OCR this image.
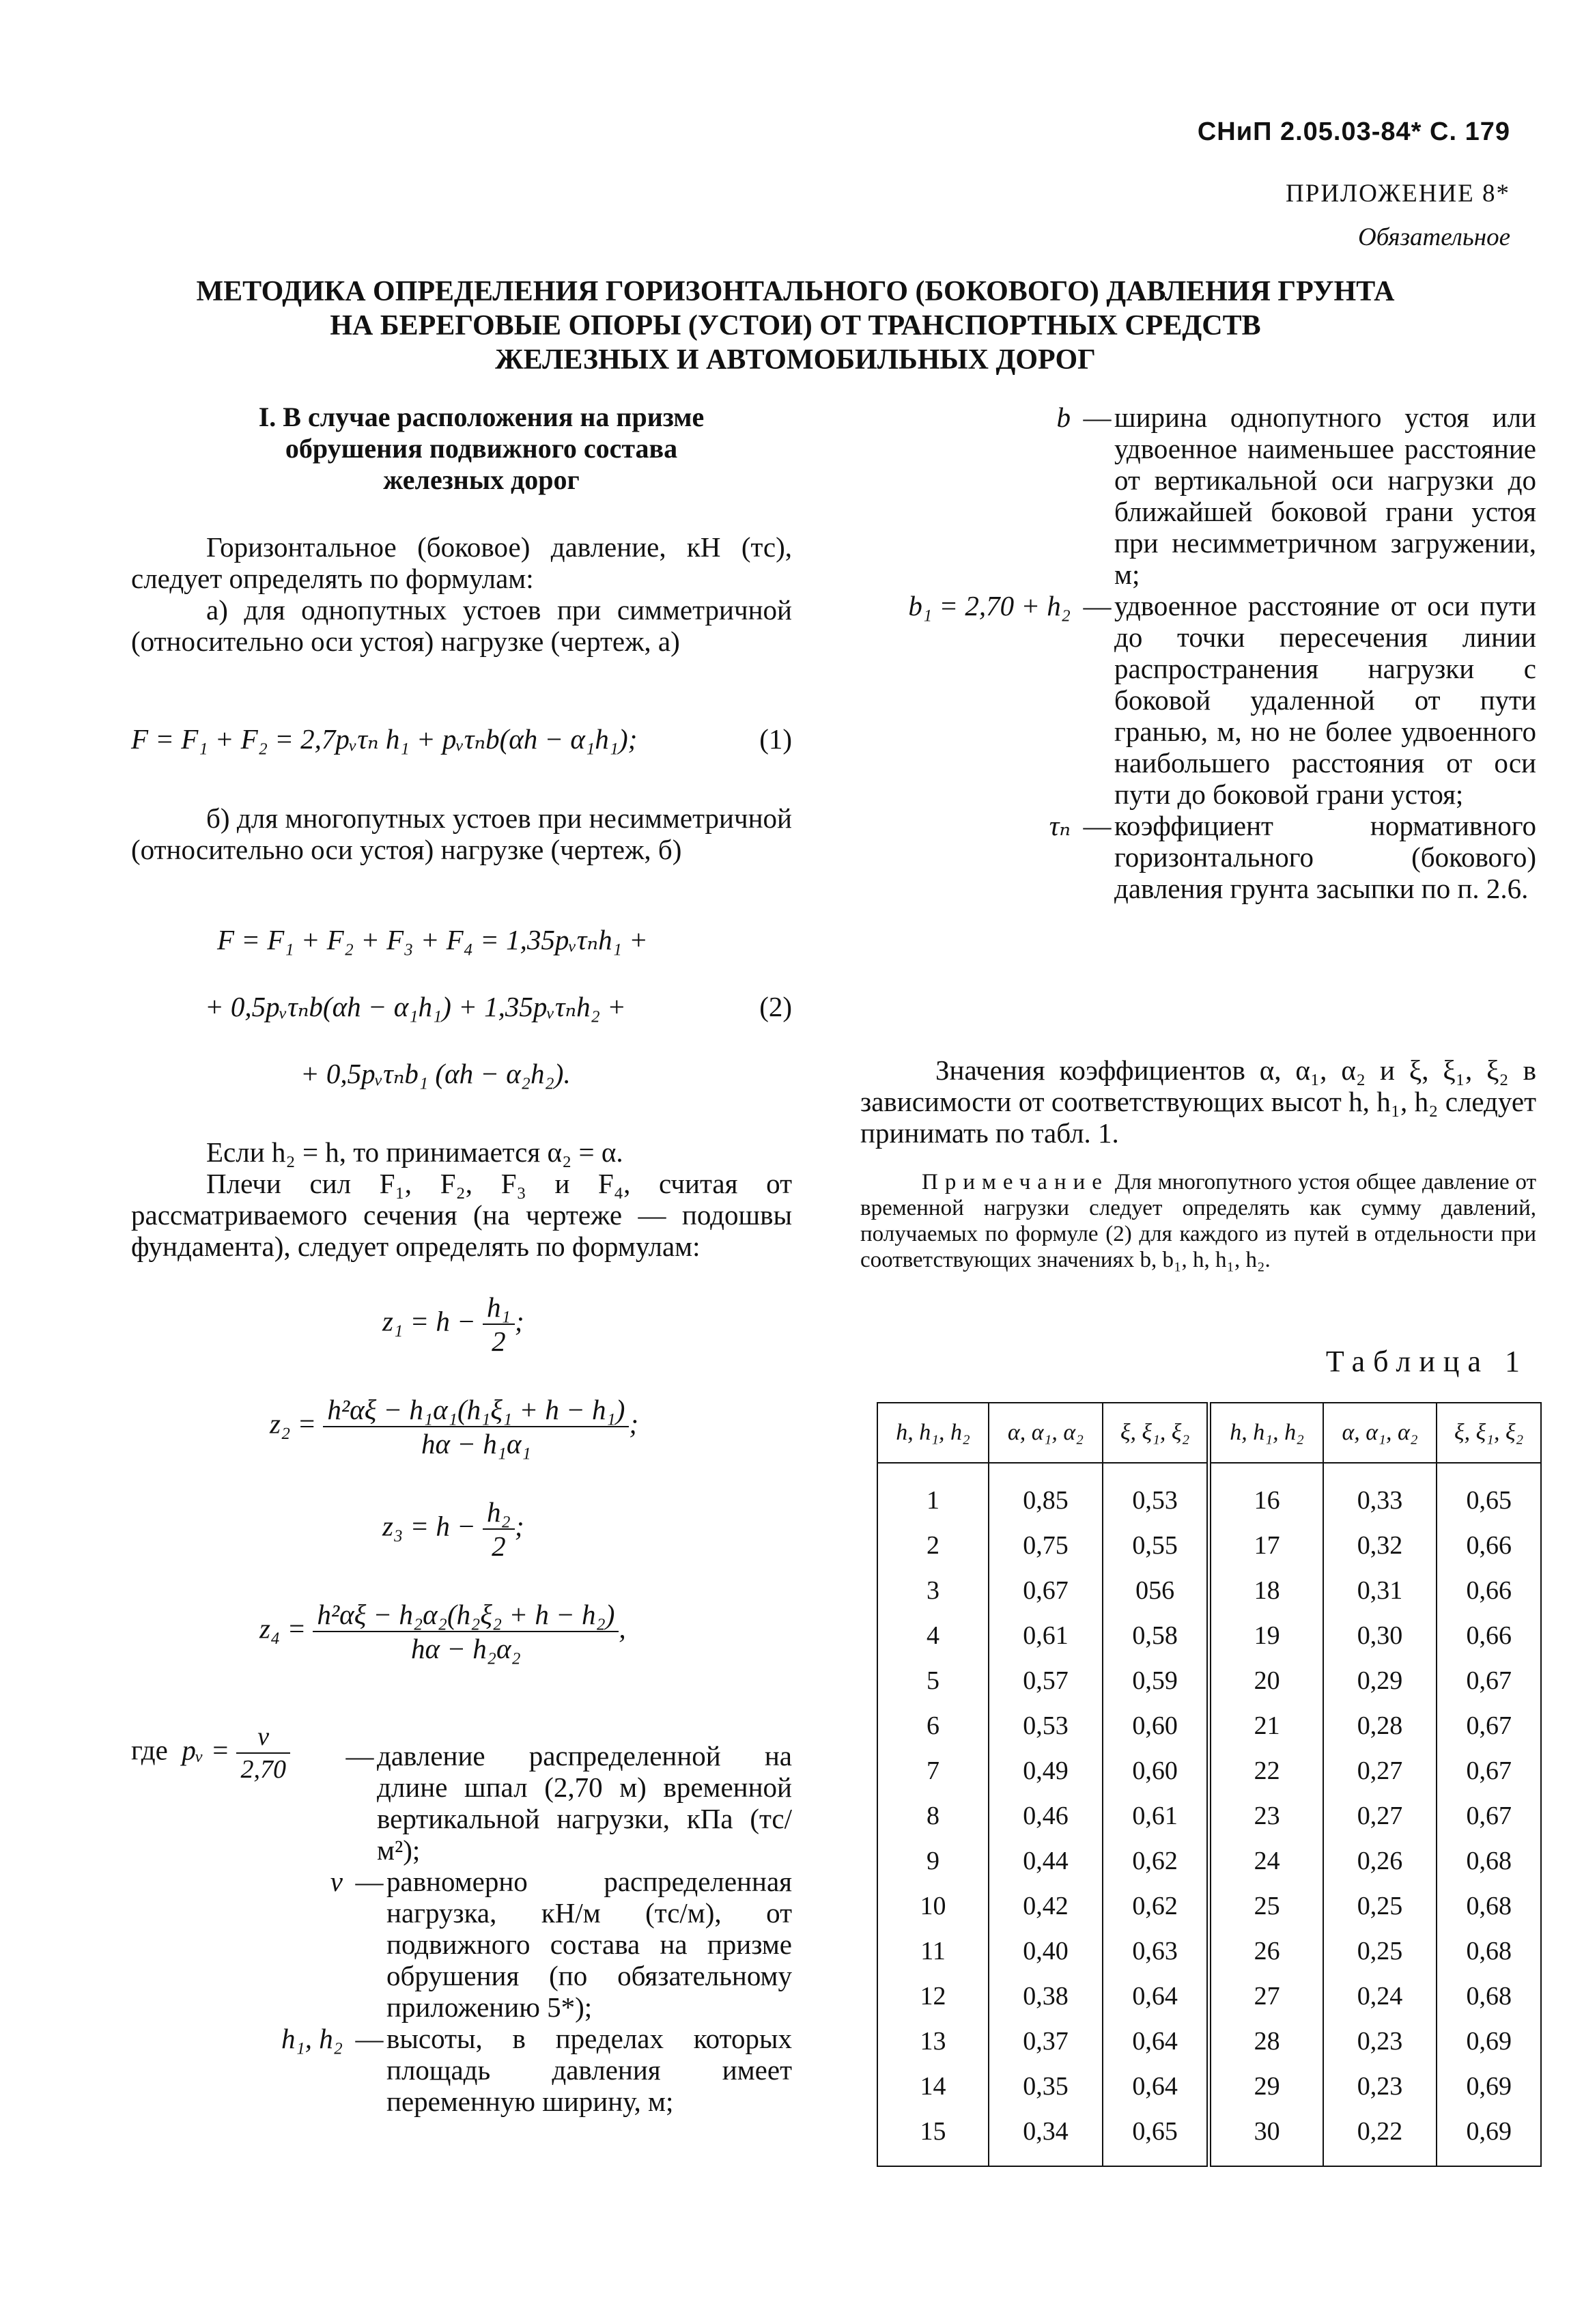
СНиП 2.05.03-84* С. 179
ПРИЛОЖЕНИЕ 8*
Обязательное
МЕТОДИКА ОПРЕДЕЛЕНИЯ ГОРИЗОНТАЛЬНОГО (БОКОВОГО) ДАВЛЕНИЯ ГРУНТА
НА БЕРЕГОВЫЕ ОПОРЫ (УСТОИ) ОТ ТРАНСПОРТНЫХ СРЕДСТВ
ЖЕЛЕЗНЫХ И АВТОМОБИЛЬНЫХ ДОРОГ
I. В случае расположения на призме
обрушения подвижного состава
железных дорог

Горизонтальное (боковое) давление, кН (тс), следует определять по формулам:

а) для однопутных устоев при симметричной (относительно оси устоя) нагрузке (чертеж, а)

F = F₁ + F₂ = 2,7pᵥτₙ h₁ + pᵥτₙb(αh − α₁h₁);	(1)

б) для многопутных устоев при несимметричной (относительно оси устоя) нагрузке (чертеж, б)

F = F₁ + F₂ + F₃ + F₄ = 1,35pᵥτₙh₁ +
+ 0,5pᵥτₙb(αh − α₁h₁) + 1,35pᵥτₙh₂ +	(2)
+ 0,5pᵥτₙb₁ (αh − α₂h₂).

Если h₂ = h, то принимается α₂ = α.

Плечи сил F₁, F₂, F₃ и F₄, считая от рассматриваемого сечения (на чертеже — подошвы фундамента), следует определять по формулам:

$z_1 = h - \frac{\text{h₁}}{2}$ ;
$z_2 = \frac{\text{h²αξ − h₁α₁(h₁ξ₁ + h − h₁)}}{\text{hα − h₁α₁}}$ ;
$z_3 = h - \frac{\text{h₂}}{2}$ ;
$z_4 = \frac{\text{h²αξ − h₂α₂(h₂ξ₂ + h − h₂)}}{\text{hα − h₂α₂}}$ ,
где pᵥ = $\frac{v}{2,70}$ — давление распределенной на длине шпал (2,70 м) временной вертикальной нагрузки, кПа (тс/м²);
v — равномерно распределенная нагрузка, кН/м (тс/м), от подвижного состава на призме обрушения (по обязательному приложению 5*);
h₁, h₂ — высоты, в пределах которых площадь давления имеет переменную ширину, м;
b — ширина однопутного устоя или удвоенное наименьшее расстояние от вертикальной оси нагрузки до ближайшей боковой грани устоя при несимметричном загружении, м;
b₁ = 2,70 + h₂ — удвоенное расстояние от оси пути до точки пересечения линии распространения нагрузки с боковой удаленной от пути гранью, м, но не более удвоенного наибольшего расстояния от оси пути до боковой грани устоя;
τₙ — коэффициент нормативного горизонтального (бокового) давления грунта засыпки по п. 2.6.

Значения коэффициентов α, α₁, α₂ и ξ, ξ₁, ξ₂ в зависимости от соответствующих высот h, h₁, h₂ следует принимать по табл. 1.

Примечание Для многопутного устоя общее давление от временной нагрузки следует определять как сумму давлений, получаемых по формуле (2) для каждого из путей в отдельности при соответствующих значениях b, b₁, h, h₁, h₂.
Таблица 1
h, h₁, h₂	α, α₁, α₂	ξ, ξ₁, ξ₂	h, h₁, h₂	α, α₁, α₂	ξ, ξ₁, ξ₂
1	0,85	0,53	16	0,33	0,65
2	0,75	0,55	17	0,32	0,66
3	0,67	056	18	0,31	0,66
4	0,61	0,58	19	0,30	0,66
5	0,57	0,59	20	0,29	0,67
6	0,53	0,60	21	0,28	0,67
7	0,49	0,60	22	0,27	0,67
8	0,46	0,61	23	0,27	0,67
9	0,44	0,62	24	0,26	0,68
10	0,42	0,62	25	0,25	0,68
11	0,40	0,63	26	0,25	0,68
12	0,38	0,64	27	0,24	0,68
13	0,37	0,64	28	0,23	0,69
14	0,35	0,64	29	0,23	0,69
15	0,34	0,65	30	0,22	0,69
